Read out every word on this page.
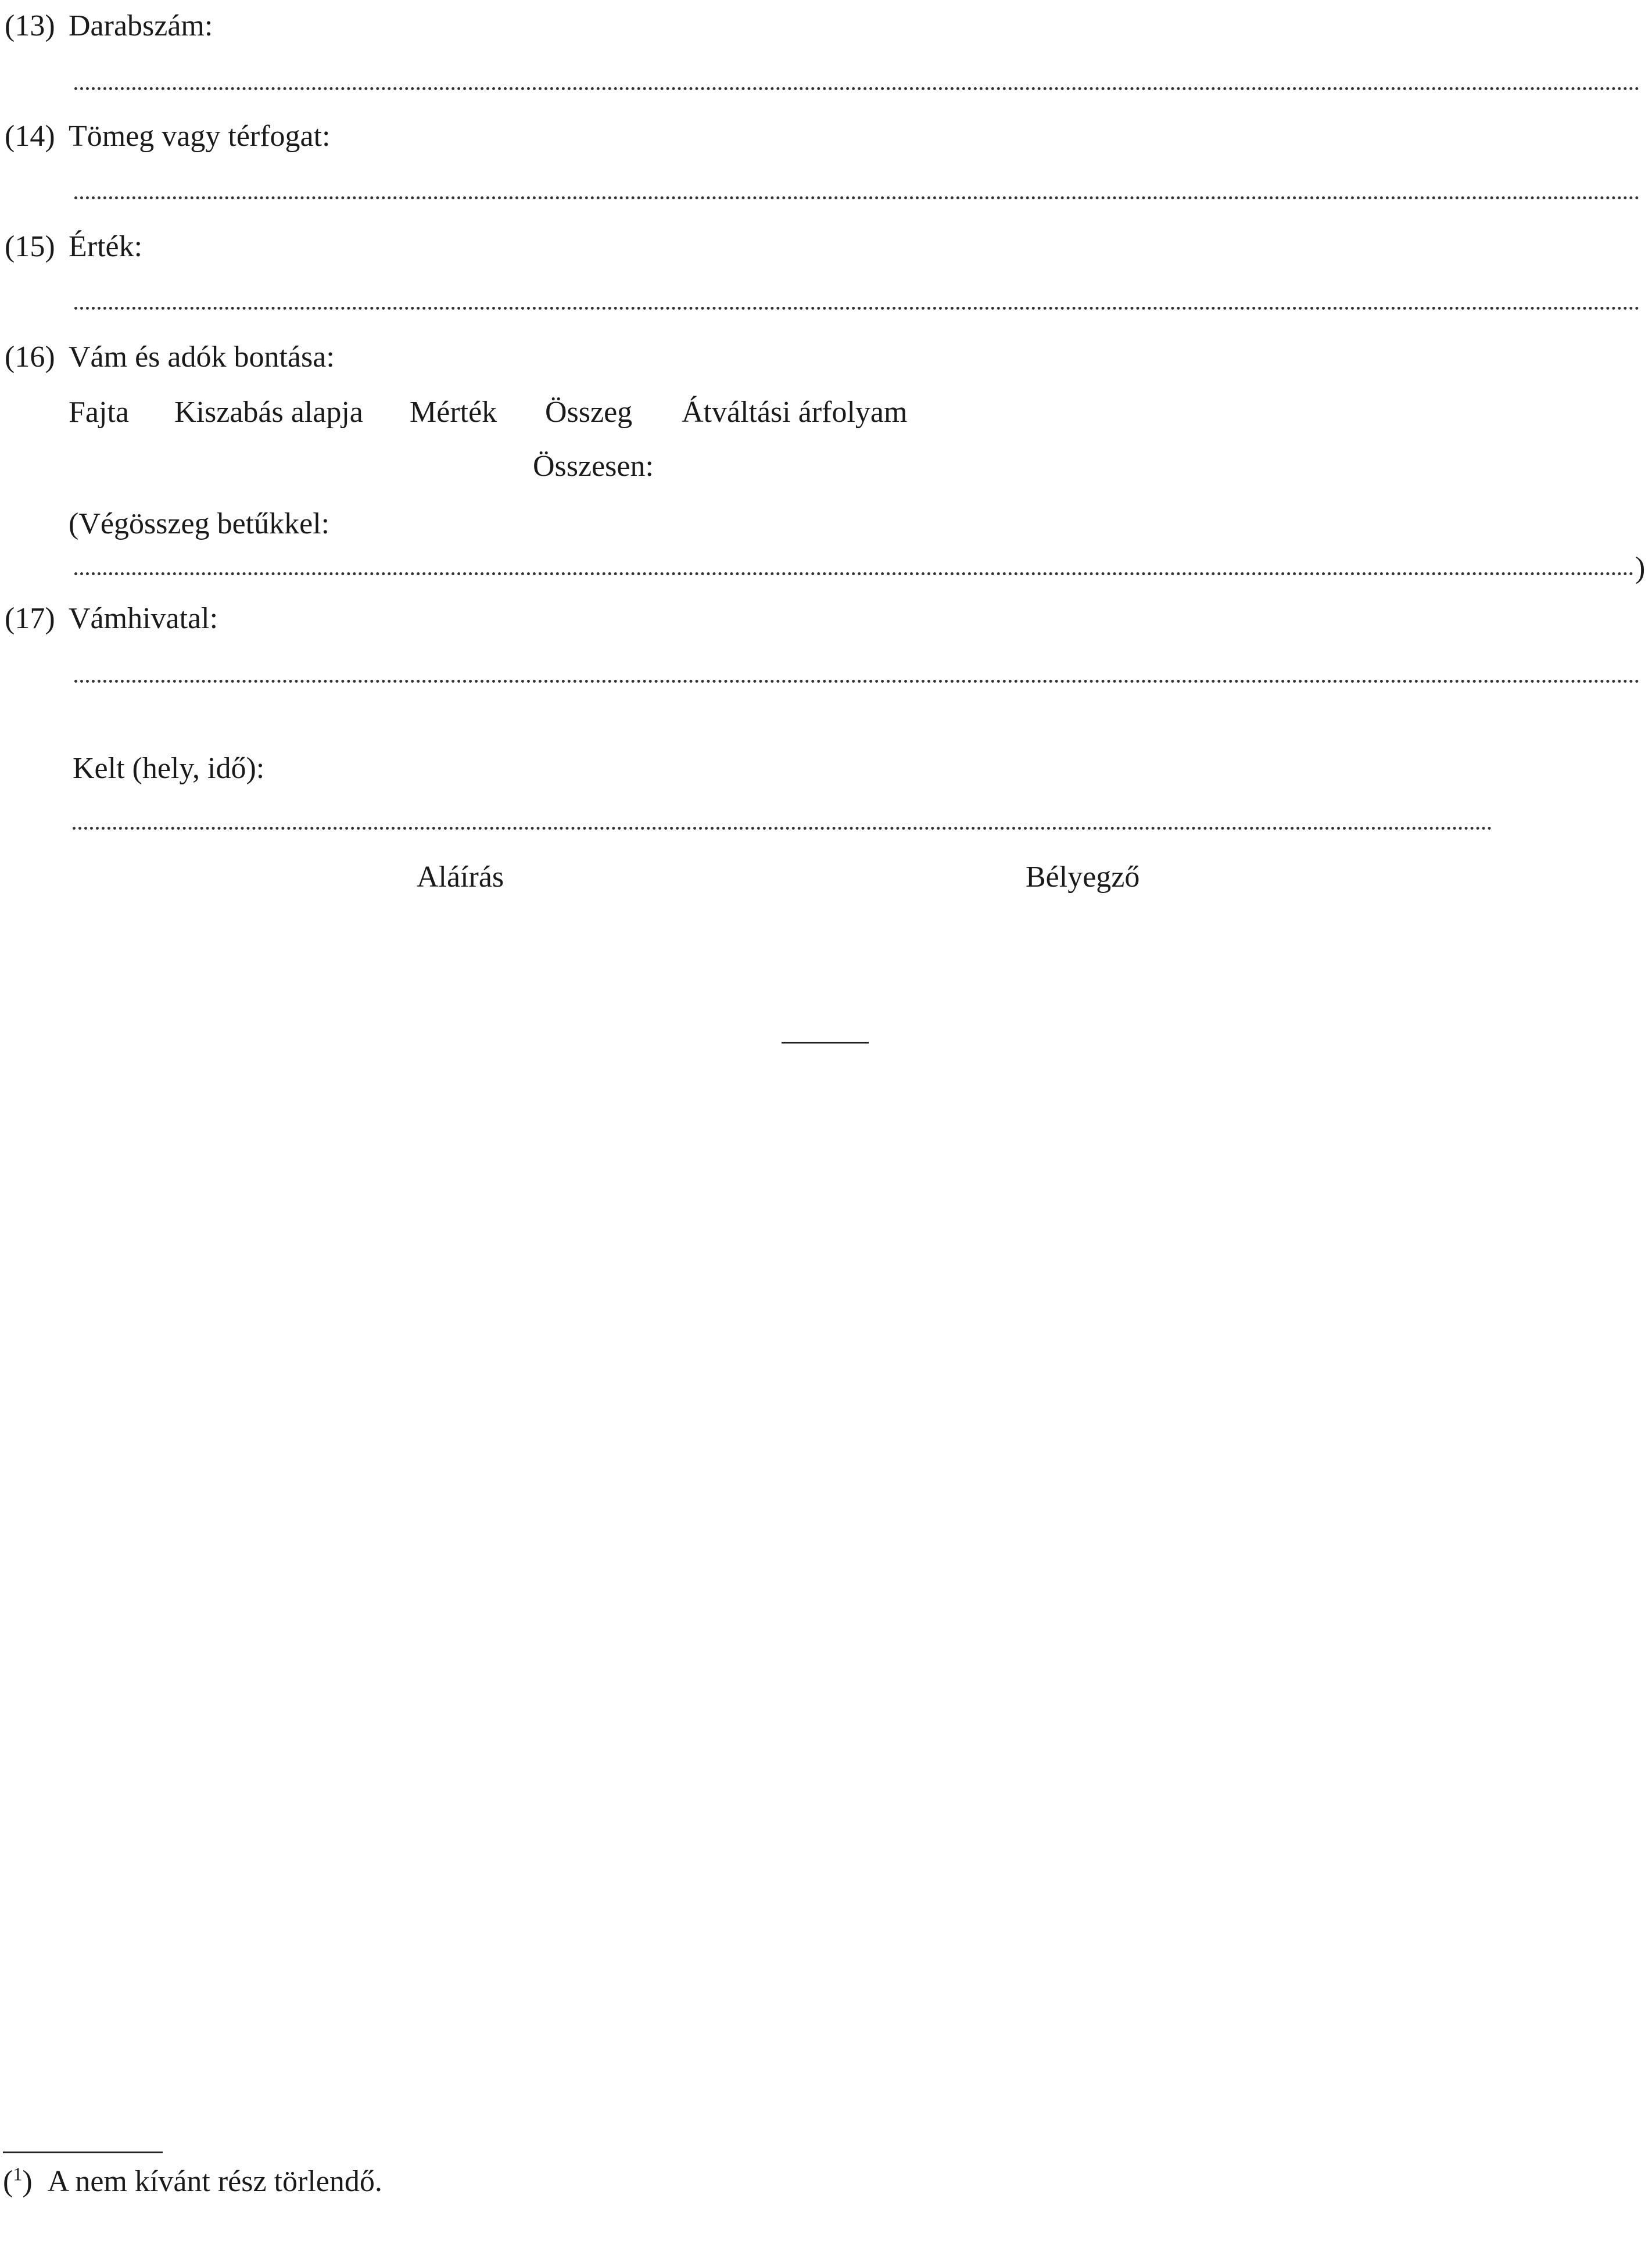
(13) Darabszám:
(14) Tömeg vagy térfogat:
(15) Érték:
(16) Vám és adók bontása:
Fajta Kiszabás alapja Mérték Összeg Átváltási árfolyam
Összesen:
(Végösszeg betűkkel:
)
(17) Vámhivatal:
Kelt (hely, idő):
Aláírás	Bélyegző
($^1$) A nem kívánt rész törlendő.
